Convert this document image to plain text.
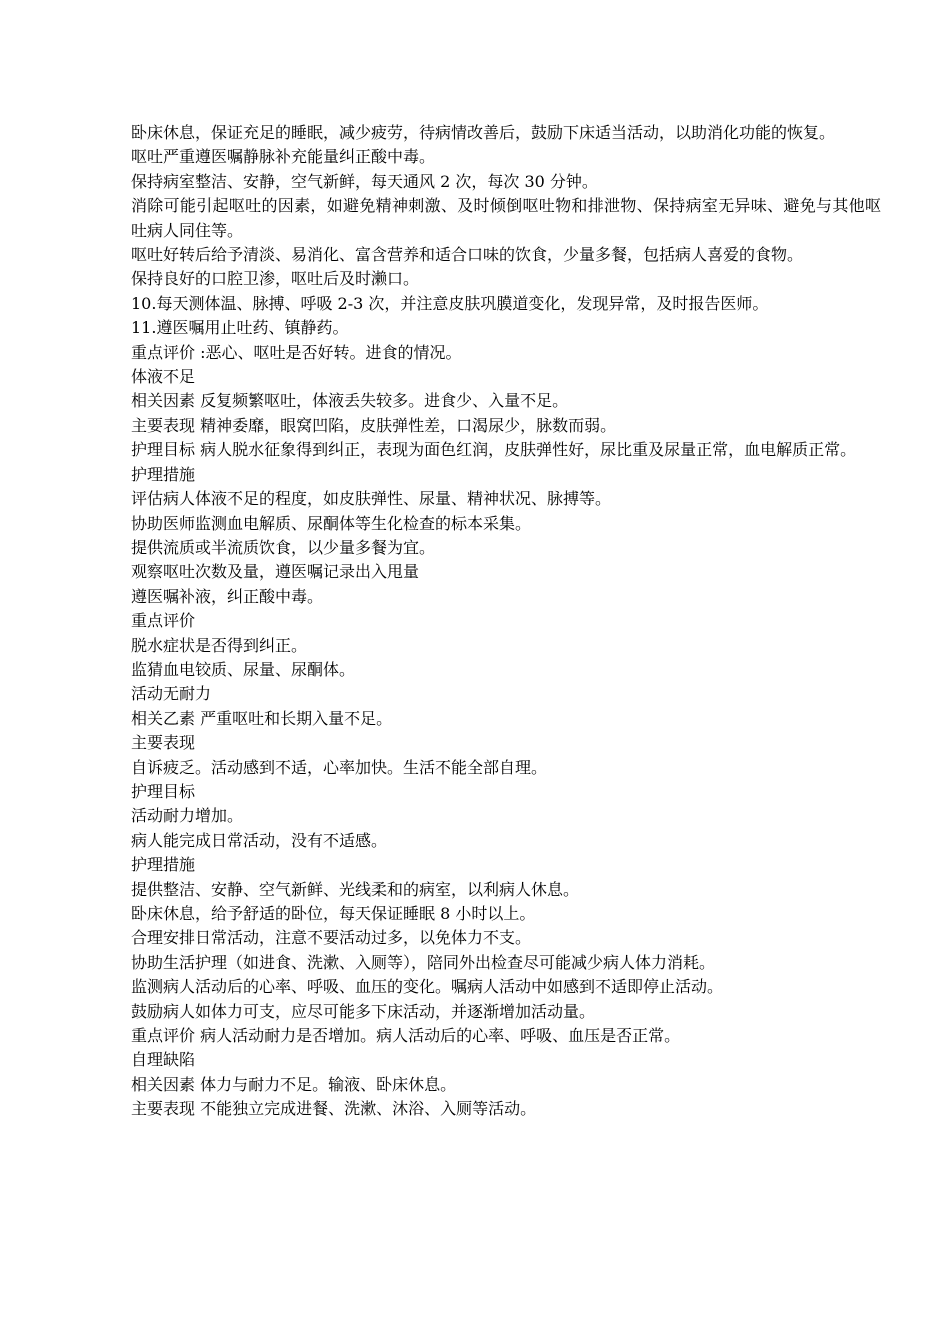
卧床休息，保证充足的睡眠，减少疲劳，待病情改善后，鼓励下床适当活动，以助消化功能的恢复。

呕吐严重遵医嘱静脉补充能量纠正酸中毒。

保持病室整洁、安静，空气新鲜，每天通风 2 次，每次 30 分钟。

消除可能引起呕吐的因素，如避免精神刺激、及时倾倒呕吐物和排泄物、保持病室无异味、避免与其他呕吐病人同住等。

呕吐好转后给予清淡、易消化、富含营养和适合口味的饮食，少量多餐，包括病人喜爱的食物。

保持良好的口腔卫渗，呕吐后及时濑口。

10.每天测体温、脉搏、呼吸 2-3 次，并注意皮肤巩膜道变化，发现异常，及时报告医师。

11.遵医嘱用止吐药、镇静药。

重点评价 :恶心、呕吐是否好转。进食的情况。

体液不足

相关因素 反复频繁呕吐，体液丢失较多。进食少、入量不足。

主要表现 精神委靡，眼窝凹陷，皮肤弹性差，口渴尿少，脉数而弱。

护理目标 病人脱水征象得到纠正，表现为面色红润，皮肤弹性好，尿比重及尿量正常，血电解质正常。

护理措施

评估病人体液不足的程度，如皮肤弹性、尿量、精神状况、脉搏等。

协助医师监测血电解质、尿酮体等生化检查的标本采集。

提供流质或半流质饮食，以少量多餐为宜。

观察呕吐次数及量，遵医嘱记录出入甩量

遵医嘱补液，纠正酸中毒。

重点评价

脱水症状是否得到纠正。

监猜血电铰质、尿量、尿酮体。

活动无耐力

相关乙素 严重呕吐和长期入量不足。

主要表现

自诉疲乏。活动感到不适，心率加快。生活不能全部自理。

护理目标

活动耐力增加。

病人能完成日常活动，没有不适感。

护理措施

提供整洁、安静、空气新鲜、光线柔和的病室，以利病人休息。

卧床休息，给予舒适的卧位，每天保证睡眠 8 小时以上。

合理安排日常活动，注意不要活动过多，以免体力不支。

协助生活护理（如进食、洗漱、入厕等），陪同外出检查尽可能减少病人体力消耗。

监测病人活动后的心率、呼吸、血压的变化。嘱病人活动中如感到不适即停止活动。

鼓励病人如体力可支，应尽可能多下床活动，并逐渐增加活动量。

重点评价 病人活动耐力是否增加。病人活动后的心率、呼吸、血压是否正常。

自理缺陷

相关因素 体力与耐力不足。输液、卧床休息。

主要表现 不能独立完成进餐、洗漱、沐浴、入厕等活动。
